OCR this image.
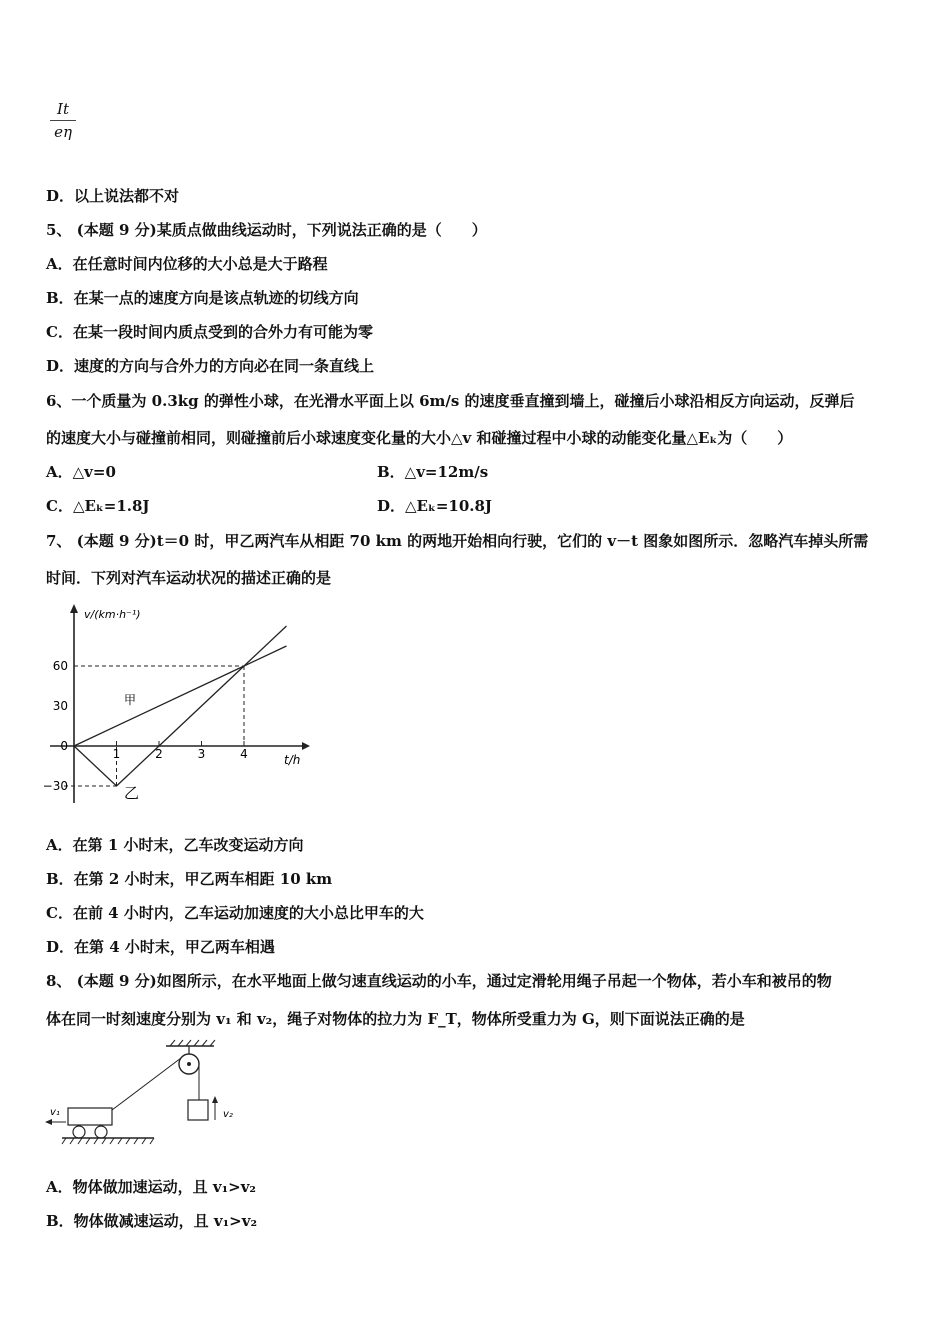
$\frac{It}{e\eta}$
D．以上说法都不对
5、 (本题 9 分)某质点做曲线运动时，下列说法正确的是（　　）
A．在任意时间内位移的大小总是大于路程
B．在某一点的速度方向是该点轨迹的切线方向
C．在某一段时间内质点受到的合外力有可能为零
D．速度的方向与合外力的方向必在同一条直线上
6、一个质量为 0.3kg 的弹性小球，在光滑水平面上以 6m/s 的速度垂直撞到墙上，碰撞后小球沿相反方向运动，反弹后
的速度大小与碰撞前相同，则碰撞前后小球速度变化量的大小△v 和碰撞过程中小球的动能变化量△Eₖ为（　　）
A．△v=0	B．△v=12m/s
C．△Eₖ=1.8J	D．△Eₖ=10.8J
7、 (本题 9 分)t＝0 时，甲乙两汽车从相距 70 km 的两地开始相向行驶，它们的 v－t 图象如图所示．忽略汽车掉头所需
时间．下列对汽车运动状况的描述正确的是
v/(km·h⁻¹)
t/h
甲
乙
60
30
0
−30
1	2	3	4
A．在第 1 小时末，乙车改变运动方向
B．在第 2 小时末，甲乙两车相距 10 km
C．在前 4 小时内，乙车运动加速度的大小总比甲车的大
D．在第 4 小时末，甲乙两车相遇
8、 (本题 9 分)如图所示，在水平地面上做匀速直线运动的小车，通过定滑轮用绳子吊起一个物体，若小车和被吊的物
体在同一时刻速度分别为 v₁ 和 v₂，绳子对物体的拉力为 F_T，物体所受重力为 G，则下面说法正确的是
v₂
v₁
A．物体做加速运动，且 v₁>v₂
B．物体做减速运动，且 v₁>v₂
